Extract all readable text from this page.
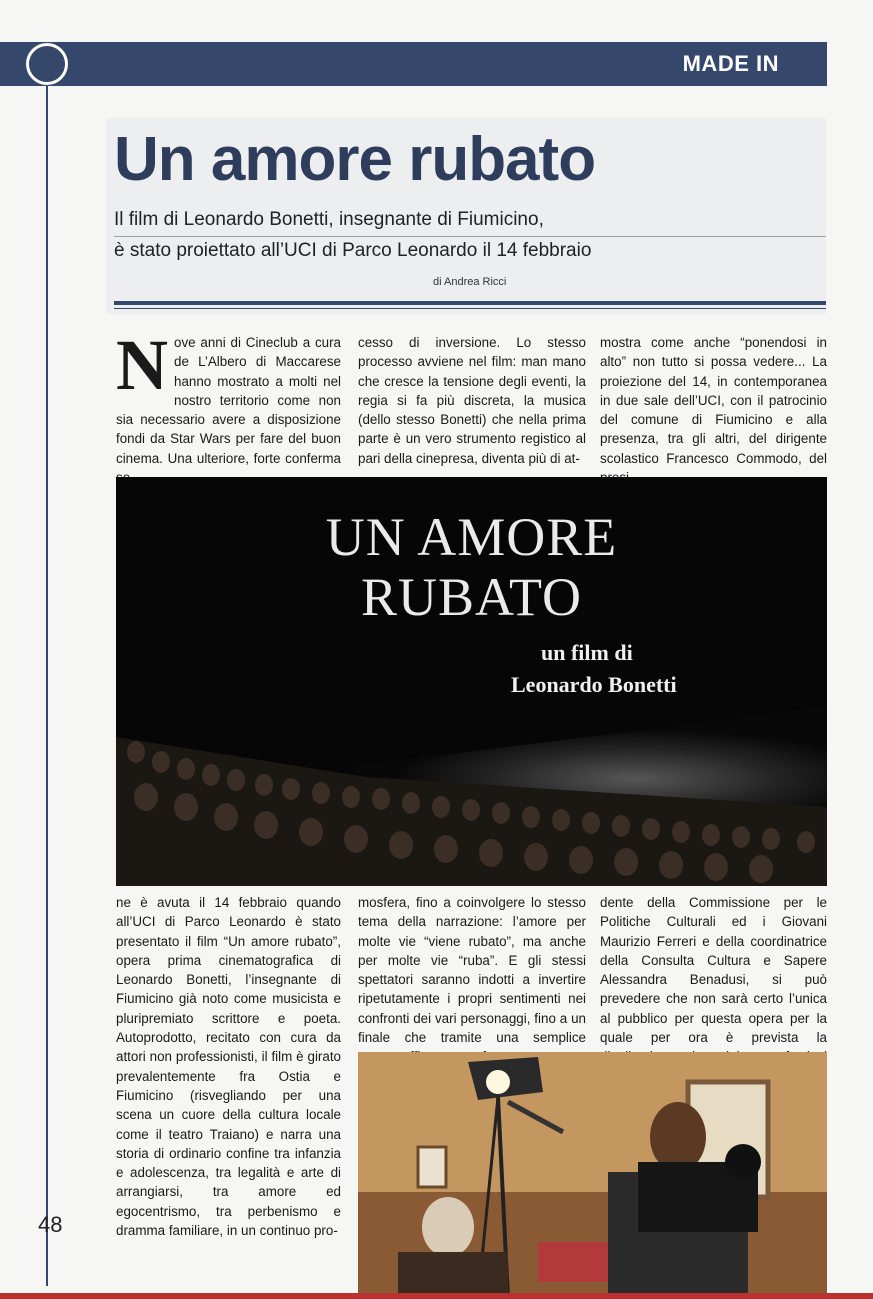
MADE IN
Un amore rubato
Il film di Leonardo Bonetti, insegnante di Fiumicino,
è stato proiettato all’UCI di Parco Leonardo il 14 febbraio
di Andrea Ricci
Nove anni di Cineclub a cura de L’Albero di Maccarese hanno mostrato a molti nel nostro territorio come non sia necessario avere a disposizione fondi da Star Wars per fare del buon cinema. Una ulteriore, forte conferma
cesso di inversione. Lo stesso processo avviene nel film: man mano che cresce la tensione degli eventi, la regia si fa più discreta, la musica (dello stesso Bonetti) che nella prima parte è un vero strumento registico al pari della cinepresa, diventa più di at-
mostra come anche “ponendosi in alto” non tutto si possa vedere... La proiezione del 14, in contemporanea in due sale dell’UCI, con il patrocinio del comune di Fiumicino e alla presenza, tra gli altri, del dirigente scolastico Francesco Commodo, del
UN AMORE
RUBATO
un film di
Leonardo Bonetti
ne è avuta il 14 febbraio quando all’UCI di Parco Leonardo è stato presentato il film “Un amore rubato”, opera prima cinematografica di Leonardo Bonetti, l’insegnante di Fiumicino già noto come musicista e pluripremiato scrittore e poeta. Autoprodotto, recitato con cura da attori non professionisti, il film è girato prevalentemente fra Ostia e Fiumicino (risvegliando per una scena un cuore della cultura locale come il teatro Traiano) e narra una storia di ordinario confine tra infanzia e adolescenza, tra legalità e arte di arrangiarsi, tra amore ed egocentrismo, tra perbenismo e dramma familiare, in un continuo pro-
mosfera, fino a coinvolgere lo stesso tema della narrazione: l’amore per molte vie “viene rubato”, ma anche per molte vie “ruba”. E gli stessi spettatori saranno indotti a invertire ripetutamente i propri sentimenti nei confronti dei vari personaggi, fino a un finale che tramite una semplice
dente della Commissione per le Politiche Culturali ed i Giovani Maurizio Ferreri e della coordinatrice della Consulta Cultura e Sapere Alessandra Benadusi, si può prevedere che non sarà certo l’unica al pubblico per questa opera per la quale per ora è prevista la
48
